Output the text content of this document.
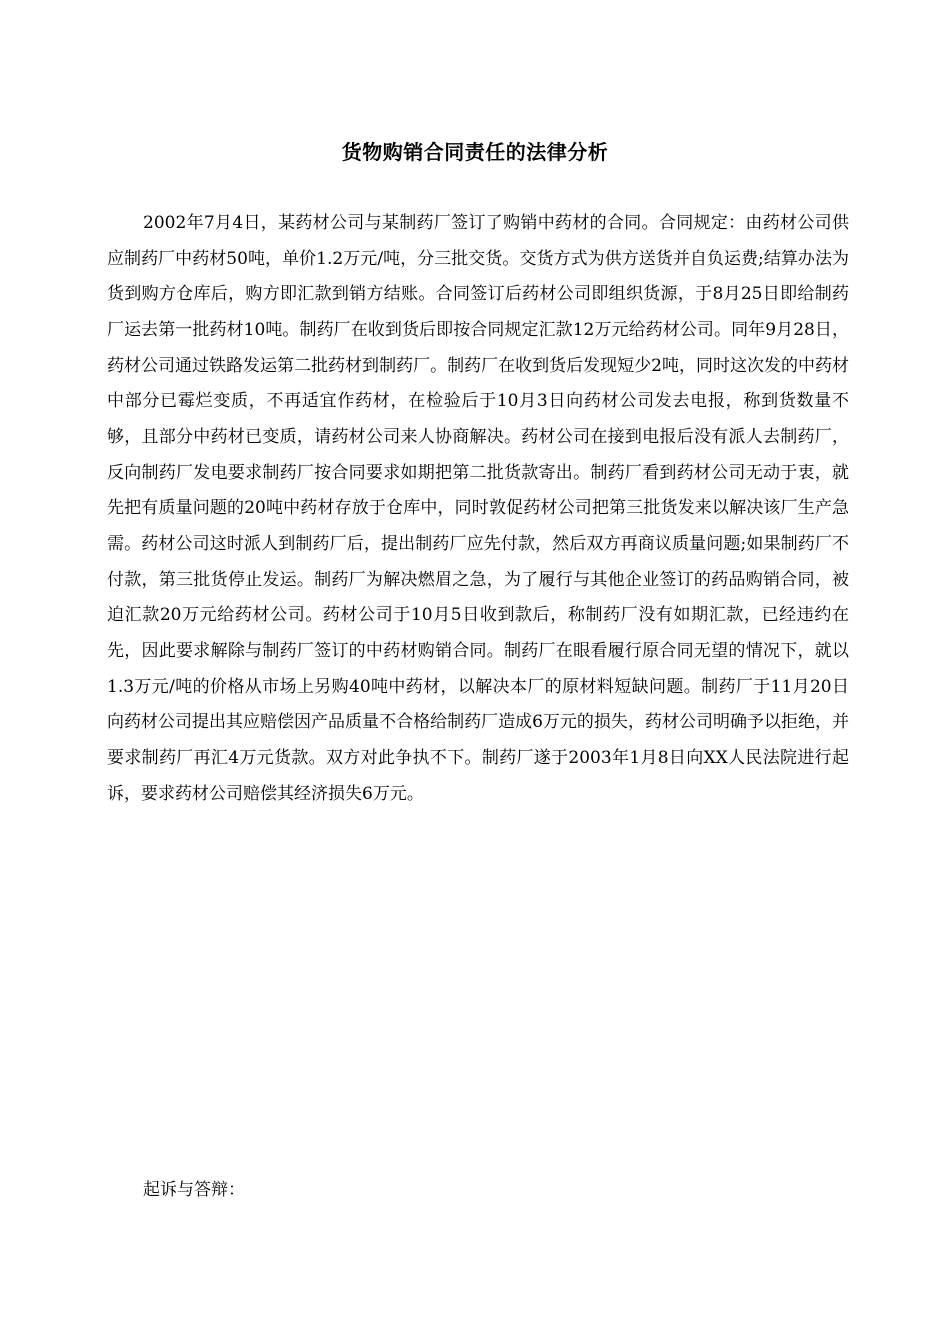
货物购销合同责任的法律分析

2002年7月4日，某药材公司与某制药厂签订了购销中药材的合同。合同规定：由药材公司供应制药厂中药材50吨，单价1.2万元/吨，分三批交货。交货方式为供方送货并自负运费;结算办法为货到购方仓库后，购方即汇款到销方结账。合同签订后药材公司即组织货源，于8月25日即给制药厂运去第一批药材10吨。制药厂在收到货后即按合同规定汇款12万元给药材公司。同年9月28日，药材公司通过铁路发运第二批药材到制药厂。制药厂在收到货后发现短少2吨，同时这次发的中药材中部分已霉烂变质，不再适宜作药材，在检验后于10月3日向药材公司发去电报，称到货数量不够，且部分中药材已变质，请药材公司来人协商解决。药材公司在接到电报后没有派人去制药厂，反向制药厂发电要求制药厂按合同要求如期把第二批货款寄出。制药厂看到药材公司无动于衷，就先把有质量问题的20吨中药材存放于仓库中，同时敦促药材公司把第三批货发来以解决该厂生产急需。药材公司这时派人到制药厂后，提出制药厂应先付款，然后双方再商议质量问题;如果制药厂不付款，第三批货停止发运。制药厂为解决燃眉之急，为了履行与其他企业签订的药品购销合同，被迫汇款20万元给药材公司。药材公司于10月5日收到款后，称制药厂没有如期汇款，已经违约在先，因此要求解除与制药厂签订的中药材购销合同。制药厂在眼看履行原合同无望的情况下，就以1.3万元/吨的价格从市场上另购40吨中药材，以解决本厂的原材料短缺问题。制药厂于11月20日向药材公司提出其应赔偿因产品质量不合格给制药厂造成6万元的损失，药材公司明确予以拒绝，并要求制药厂再汇4万元货款。双方对此争执不下。制药厂遂于2003年1月8日向XX人民法院进行起诉，要求药材公司赔偿其经济损失6万元。

起诉与答辩：
